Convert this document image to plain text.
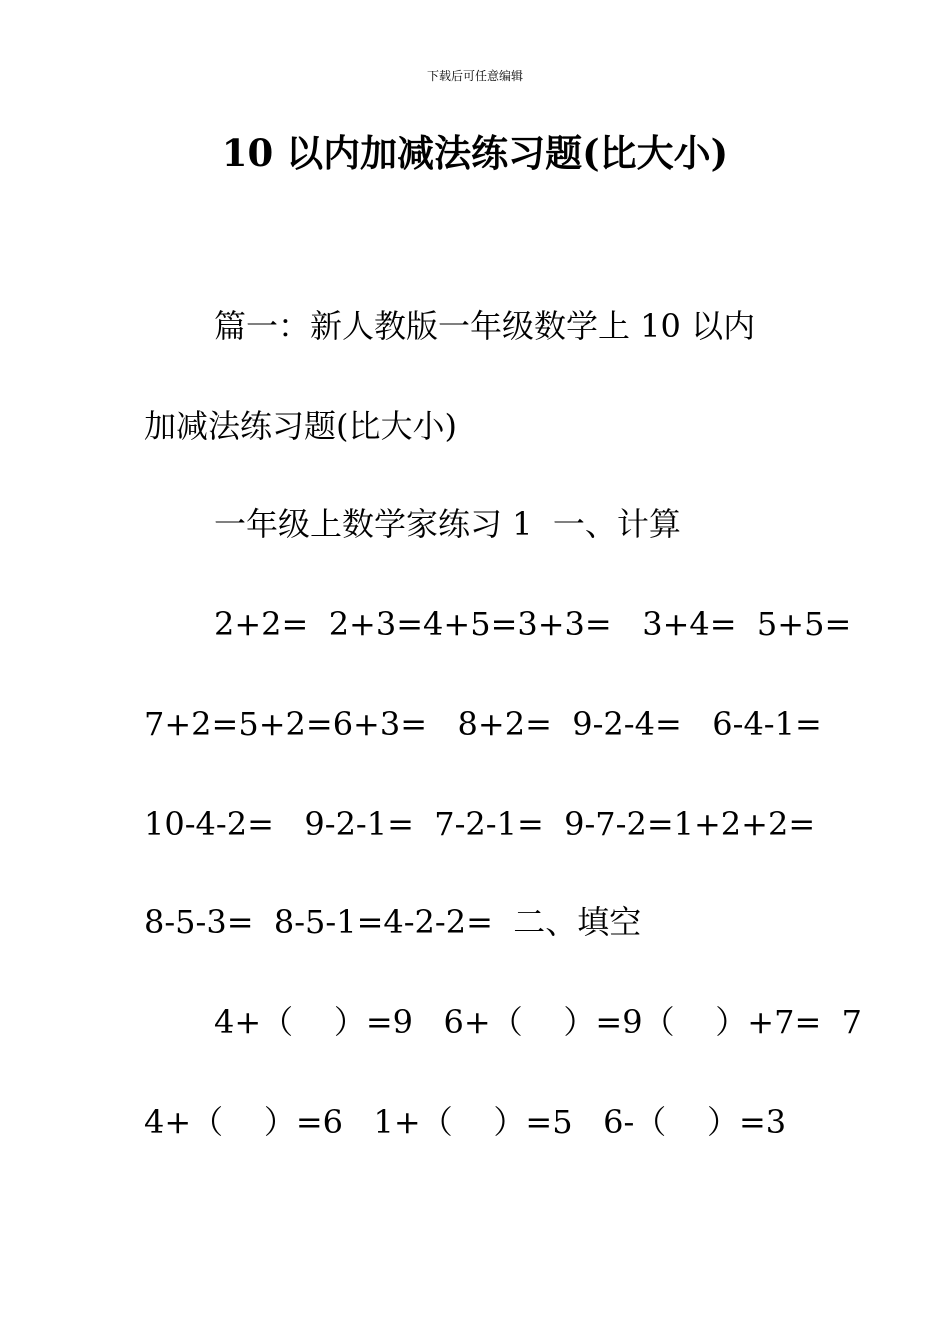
下载后可任意编辑
10 以内加减法练习题(比大小)

篇一：新人教版一年级数学上 10 以内

加减法练习题(比大小)

一年级上数学家练习 1  一、计算

2+2=  2+3=4+5=3+3=   3+4=  5+5=

7+2=5+2=6+3=   8+2=  9-2-4=   6-4-1=

10-4-2=   9-2-1=  7-2-1=  9-7-2=1+2+2=

8-5-3=  8-5-1=4-2-2=  二、填空

4+（    ）=9   6+（    ）=9（    ）+7=  7

4+（    ）=6   1+（    ）=5   6-（    ）=3
